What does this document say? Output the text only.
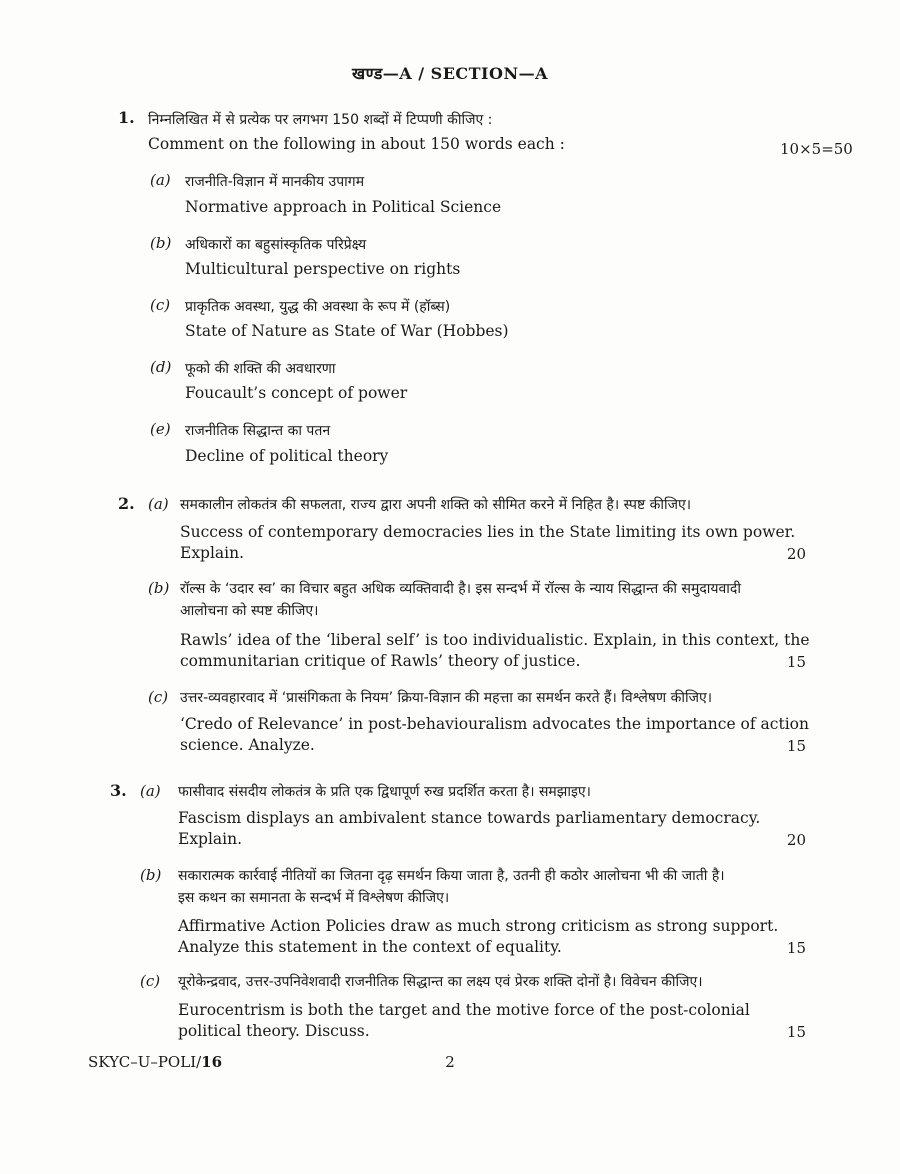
खण्ड—A / SECTION—A
1. निम्नलिखित में से प्रत्येक पर लगभग 150 शब्दों में टिप्पणी कीजिए :
Comment on the following in about 150 words each :	10×5=50
(a) राजनीति-विज्ञान में मानकीय उपागम
Normative approach in Political Science
(b) अधिकारों का बहुसांस्कृतिक परिप्रेक्ष्य
Multicultural perspective on rights
(c) प्राकृतिक अवस्था, युद्ध की अवस्था के रूप में (हॉब्स)
State of Nature as State of War (Hobbes)
(d) फूको की शक्ति की अवधारणा
Foucault’s concept of power
(e) राजनीतिक सिद्धान्त का पतन
Decline of political theory
2. (a) समकालीन लोकतंत्र की सफलता, राज्य द्वारा अपनी शक्ति को सीमित करने में निहित है। स्पष्ट कीजिए।
Success of contemporary democracies lies in the State limiting its own power.
Explain.	20
(b) रॉल्स के ‘उदार स्व’ का विचार बहुत अधिक व्यक्तिवादी है। इस सन्दर्भ में रॉल्स के न्याय सिद्धान्त की समुदायवादी
आलोचना को स्पष्ट कीजिए।
Rawls’ idea of the ‘liberal self’ is too individualistic. Explain, in this context, the
communitarian critique of Rawls’ theory of justice.	15
(c) उत्तर-व्यवहारवाद में ‘प्रासंगिकता के नियम’ क्रिया-विज्ञान की महत्ता का समर्थन करते हैं। विश्लेषण कीजिए।
‘Credo of Relevance’ in post-behaviouralism advocates the importance of action
science. Analyze.	15
3. (a) फासीवाद संसदीय लोकतंत्र के प्रति एक द्विधापूर्ण रुख प्रदर्शित करता है। समझाइए।
Fascism displays an ambivalent stance towards parliamentary democracy.
Explain.	20
(b) सकारात्मक कार्रवाई नीतियों का जितना दृढ़ समर्थन किया जाता है, उतनी ही कठोर आलोचना भी की जाती है।
इस कथन का समानता के सन्दर्भ में विश्लेषण कीजिए।
Affirmative Action Policies draw as much strong criticism as strong support.
Analyze this statement in the context of equality.	15
(c) यूरोकेन्द्रवाद, उत्तर-उपनिवेशवादी राजनीतिक सिद्धान्त का लक्ष्य एवं प्रेरक शक्ति दोनों है। विवेचन कीजिए।
Eurocentrism is both the target and the motive force of the post-colonial
political theory. Discuss.	15
SKYC–U–POLI/16	2
